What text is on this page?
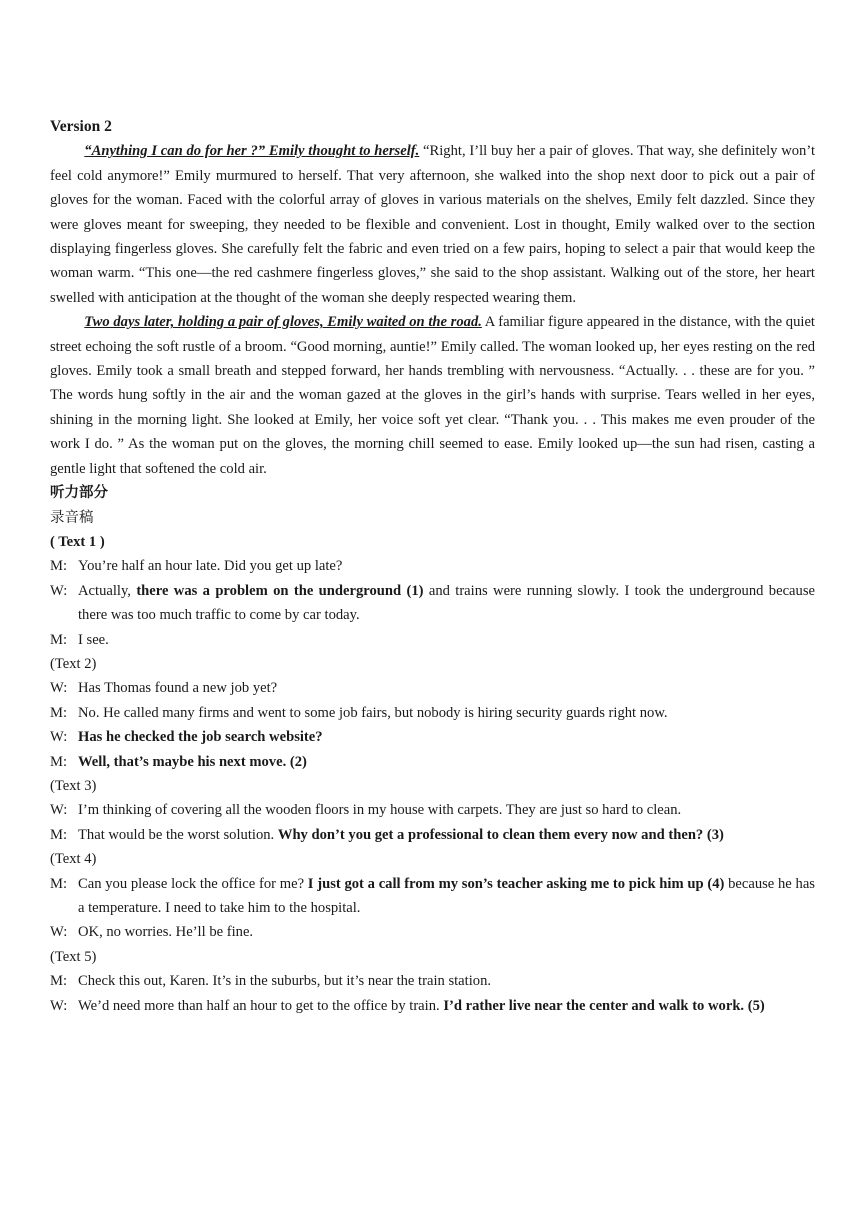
Version 2

“Anything I can do for her ?” Emily thought to herself. “Right, I’ll buy her a pair of gloves. That way, she definitely won’t feel cold anymore!” Emily murmured to herself. That very afternoon, she walked into the shop next door to pick out a pair of gloves for the woman. Faced with the colorful array of gloves in various materials on the shelves, Emily felt dazzled. Since they were gloves meant for sweeping, they needed to be flexible and convenient. Lost in thought, Emily walked over to the section displaying fingerless gloves. She carefully felt the fabric and even tried on a few pairs, hoping to select a pair that would keep the woman warm. “This one—the red cashmere fingerless gloves,” she said to the shop assistant. Walking out of the store, her heart swelled with anticipation at the thought of the woman she deeply respected wearing them.

Two days later, holding a pair of gloves, Emily waited on the road. A familiar figure appeared in the distance, with the quiet street echoing the soft rustle of a broom. “Good morning, auntie!” Emily called. The woman looked up, her eyes resting on the red gloves. Emily took a small breath and stepped forward, her hands trembling with nervousness. “Actually. . . these are for you. ” The words hung softly in the air and the woman gazed at the gloves in the girl’s hands with surprise. Tears welled in her eyes, shining in the morning light. She looked at Emily, her voice soft yet clear. “Thank you. . . This makes me even prouder of the work I do. ” As the woman put on the gloves, the morning chill seemed to ease. Emily looked up—the sun had risen, casting a gentle light that softened the cold air.

听力部分
录音稿
( Text 1 )
M: You’re half an hour late. Did you get up late?
W: Actually, there was a problem on the underground (1) and trains were running slowly. I took the underground because there was too much traffic to come by car today.
M: I see.
(Text 2)
W: Has Thomas found a new job yet?
M: No. He called many firms and went to some job fairs, but nobody is hiring security guards right now.
W: Has he checked the job search website?
M: Well, that’s maybe his next move. (2)
(Text 3)
W: I’m thinking of covering all the wooden floors in my house with carpets. They are just so hard to clean.
M: That would be the worst solution. Why don’t you get a professional to clean them every now and then? (3)
(Text 4)
M: Can you please lock the office for me? I just got a call from my son’s teacher asking me to pick him up (4) because he has a temperature. I need to take him to the hospital.
W: OK, no worries. He’ll be fine.
(Text 5)
M: Check this out, Karen. It’s in the suburbs, but it’s near the train station.
W: We’d need more than half an hour to get to the office by train. I’d rather live near the center and walk to work. (5)
